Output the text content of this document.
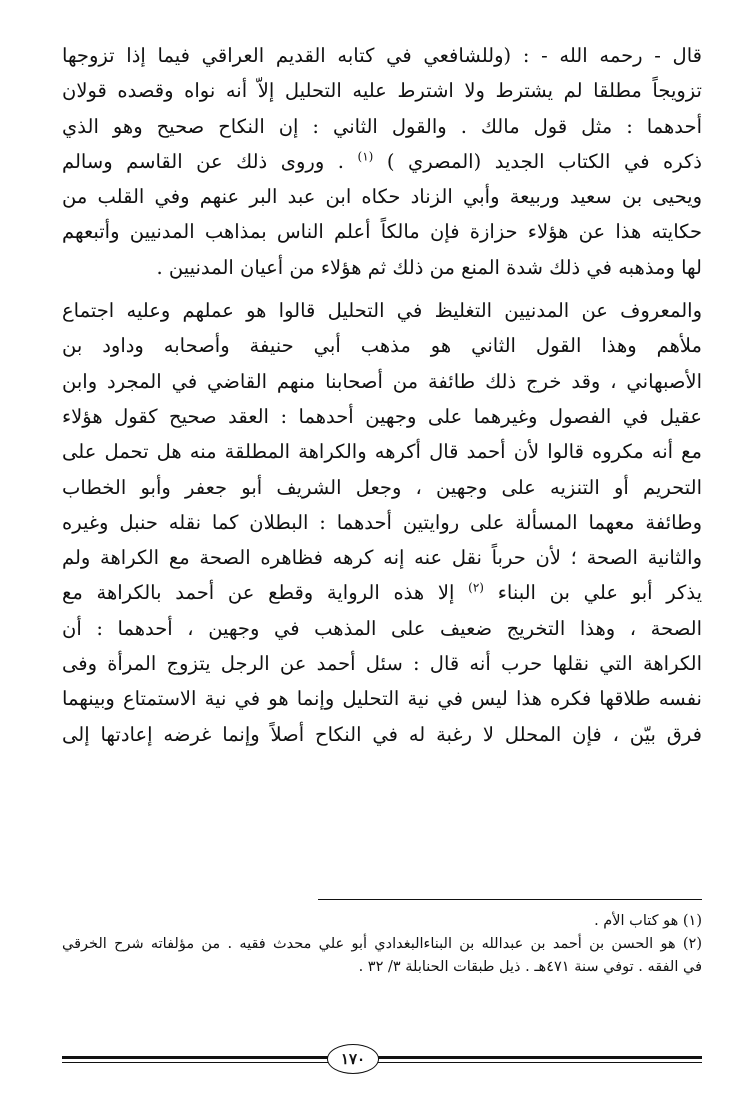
قال - رحمه الله - : (وللشافعي في كتابه القديم العراقي فيما إذا تزوجها
تزويجاً مطلقا لم يشترط ولا اشترط عليه التحليل إلاّ أنه نواه وقصده قولان
أحدهما : مثل قول مالك . والقول الثاني : إن النكاح صحيح وهو الذي
ذكره في الكتاب الجديد (المصري ) $^{(١)}$ . وروى ذلك عن القاسم وسالم
ويحيى بن سعيد وربيعة وأبي الزناد حكاه ابن عبد البر عنهم وفي القلب من
حكايته هذا عن هؤلاء حزازة فإن مالكاً أعلم الناس بمذاهب المدنيين وأتبعهم
لها ومذهبه في ذلك شدة المنع من ذلك ثم هؤلاء من أعيان المدنيين .
والمعروف عن المدنيين التغليظ في التحليل قالوا هو عملهم وعليه اجتماع
ملأهم وهذا القول الثاني هو مذهب أبي حنيفة وأصحابه وداود بن
الأصبهاني ، وقد خرج ذلك طائفة من أصحابنا منهم القاضي في المجرد وابن
عقيل في الفصول وغيرهما على وجهين أحدهما : العقد صحيح كقول هؤلاء
مع أنه مكروه قالوا لأن أحمد قال أكرهه والكراهة المطلقة منه هل تحمل على
التحريم أو التنزيه على وجهين ، وجعل الشريف أبو جعفر وأبو الخطاب
وطائفة معهما المسألة على روايتين أحدهما : البطلان كما نقله حنبل وغيره
والثانية الصحة ؛ لأن حرباً نقل عنه إنه كرهه فظاهره الصحة مع الكراهة ولم
يذكر أبو علي بن البناء $^{(٢)}$ إلا هذه الرواية وقطع عن أحمد بالكراهة مع
الصحة ، وهذا التخريج ضعيف على المذهب في وجهين ، أحدهما : أن
الكراهة التي نقلها حرب أنه قال : سئل أحمد عن الرجل يتزوج المرأة وفى
نفسه طلاقها فكره هذا ليس في نية التحليل وإنما هو في نية الاستمتاع وبينهما
فرق بيّن ، فإن المحلل لا رغبة له في النكاح أصلاً وإنما غرضه إعادتها إلى
(١) هو كتاب الأم .
(٢) هو الحسن بن أحمد بن عبدالله بن البناءالبغدادي أبو علي محدث فقيه . من مؤلفاته شرح الخرقي
في الفقه . توفي سنة ٤٧١هـ . ذيل طبقات الحنابلة ٣/ ٣٢ .
١٧٠
